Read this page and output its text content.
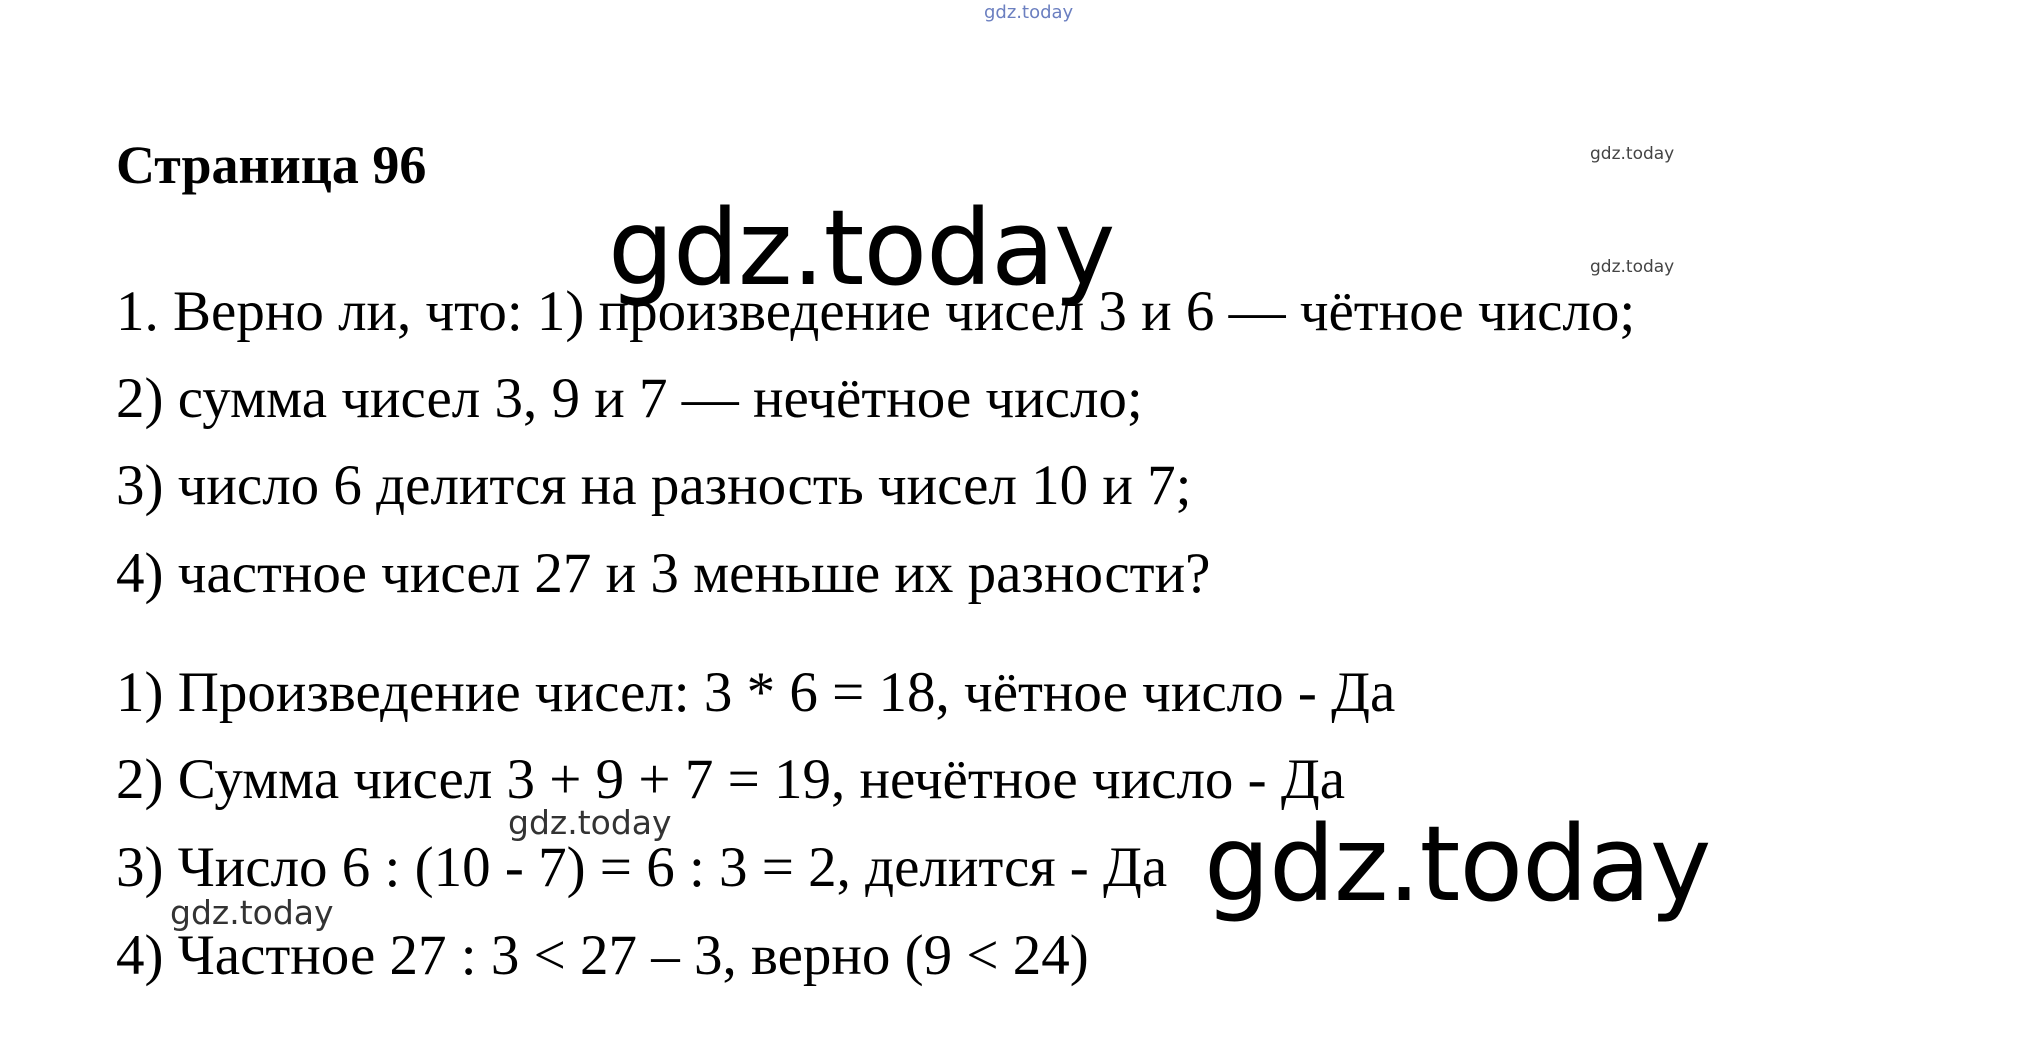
gdz.today
gdz.today
gdz.today
Страница 96
gdz.today
1. Верно ли, что: 1) произведение чисел 3 и 6 — чётное число;
2) сумма чисел 3, 9 и 7 — нечётное число;
3) число 6 делится на разность чисел 10 и 7;
4) частное чисел 27 и 3 меньше их разности?
1) Произведение чисел: 3 * 6 = 18, чётное число - Да
2) Сумма чисел 3 + 9 + 7 = 19, нечётное число - Да
3) Число 6 : (10 - 7) = 6 : 3 = 2, делится - Да
4) Частное 27 : 3 < 27 – 3, верно (9 < 24)
gdz.today
gdz.today	gdz.today
